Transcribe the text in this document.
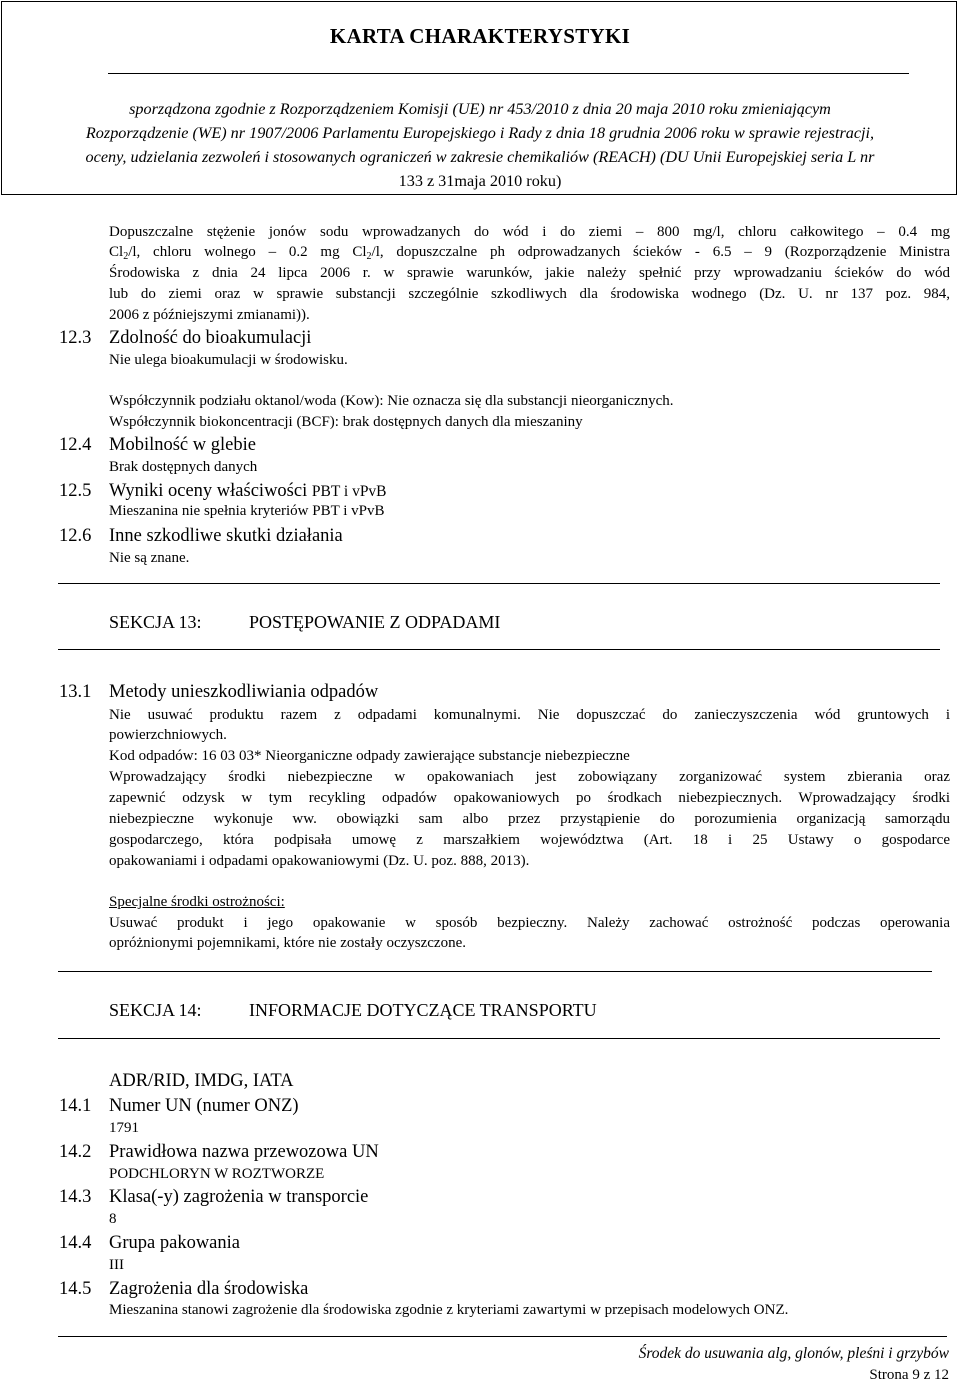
KARTA CHARAKTERYSTYKI
sporządzona zgodnie z Rozporządzeniem Komisji (UE) nr 453/2010 z dnia 20 maja 2010 roku zmieniającym
Rozporządzenie (WE) nr 1907/2006 Parlamentu Europejskiego i Rady z dnia 18 grudnia 2006 roku w sprawie rejestracji,
oceny, udzielania zezwoleń i stosowanych ograniczeń w zakresie chemikaliów (REACH) (DU Unii Europejskiej seria L nr
133 z 31maja 2010 roku)
Dopuszczalne stężenie jonów sodu wprowadzanych do wód i do ziemi – 800 mg/l, chloru całkowitego – 0.4 mg
$Cl_2/l$, chloru wolnego – 0.2 mg $Cl_2/l$, dopuszczalne ph odprowadzanych ścieków - 6.5 – 9 (Rozporządzenie Ministra
Środowiska z dnia 24 lipca 2006 r. w sprawie warunków, jakie należy spełnić przy wprowadzaniu ścieków do wód
lub do ziemi oraz w sprawie substancji szczególnie szkodliwych dla środowiska wodnego (Dz. U. nr 137 poz. 984,
2006 z późniejszymi zmianami)).
12.3 Zdolność do bioakumulacji
Nie ulega bioakumulacji w środowisku.
Współczynnik podziału oktanol/woda (Kow): Nie oznacza się dla substancji nieorganicznych.
Współczynnik biokoncentracji (BCF): brak dostępnych danych dla mieszaniny
12.4 Mobilność w glebie
Brak dostępnych danych
12.5 Wyniki oceny właściwości PBT i vPvB
Mieszanina nie spełnia kryteriów PBT i vPvB
12.6 Inne szkodliwe skutki działania
Nie są znane.
SEKCJA 13:	POSTĘPOWANIE Z ODPADAMI
13.1 Metody unieszkodliwiania odpadów
Nie usuwać produktu razem z odpadami komunalnymi. Nie dopuszczać do zanieczyszczenia wód gruntowych i
powierzchniowych.
Kod odpadów: 16 03 03* Nieorganiczne odpady zawierające substancje niebezpieczne
Wprowadzający środki niebezpieczne w opakowaniach jest zobowiązany zorganizować system zbierania oraz
zapewnić odzysk w tym recykling odpadów opakowaniowych po środkach niebezpiecznych. Wprowadzający środki
niebezpieczne wykonuje ww. obowiązki sam albo przez przystąpienie do porozumienia organizacją samorządu
gospodarczego, która podpisała umowę z marszałkiem województwa (Art. 18 i 25 Ustawy o gospodarce
opakowaniami i odpadami opakowaniowymi (Dz. U. poz. 888, 2013).
Specjalne środki ostrożności:
Usuwać produkt i jego opakowanie w sposób bezpieczny. Należy zachować ostrożność podczas operowania
opróżnionymi pojemnikami, które nie zostały oczyszczone.
SEKCJA 14:	INFORMACJE DOTYCZĄCE TRANSPORTU
ADR/RID, IMDG, IATA
14.1 Numer UN (numer ONZ)
1791
14.2 Prawidłowa nazwa przewozowa UN
PODCHLORYN W ROZTWORZE
14.3 Klasa(-y) zagrożenia w transporcie
8
14.4 Grupa pakowania
III
14.5 Zagrożenia dla środowiska
Mieszanina stanowi zagrożenie dla środowiska zgodnie z kryteriami zawartymi w przepisach modelowych ONZ.
Środek do usuwania alg, glonów, pleśni i grzybów
Strona 9 z 12
